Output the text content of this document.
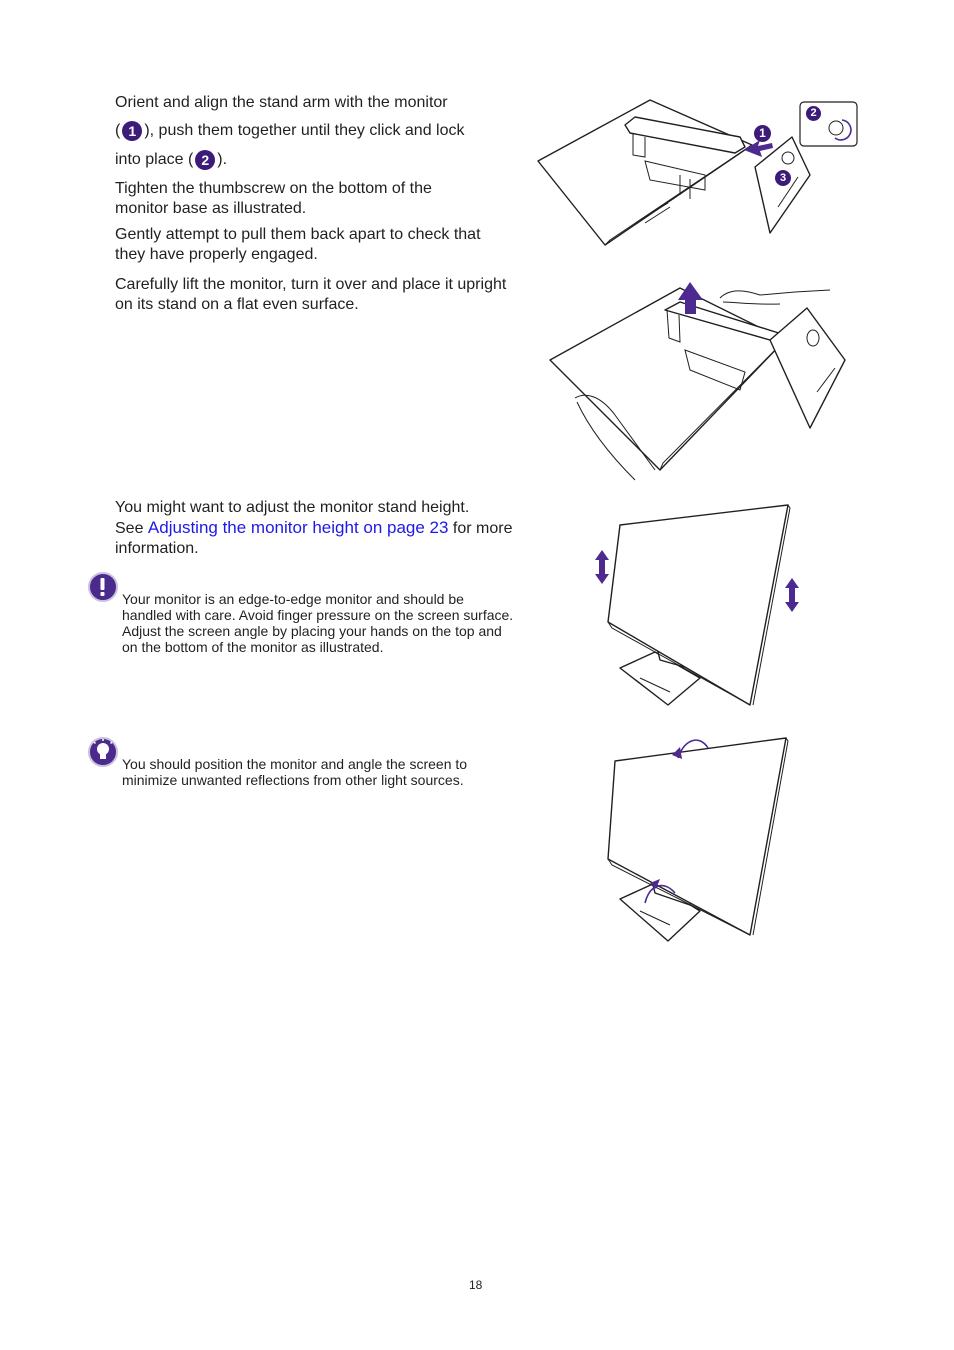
Orient and align the stand arm with the monitor

( 1 ), push them together until they click and lock

into place ( 2 ).

Tighten the thumbscrew on the bottom of the monitor base as illustrated.

Gently attempt to pull them back apart to check that they have properly engaged.

Carefully lift the monitor, turn it over and place it upright on its stand on a flat even surface.

You might want to adjust the monitor stand height.
See Adjusting the monitor height on page 23 for more information.

Your monitor is an edge-to-edge monitor and should be handled with care. Avoid finger pressure on the screen surface. Adjust the screen angle by placing your hands on the top and on the bottom of the monitor as illustrated.

You should position the monitor and angle the screen to minimize unwanted reflections from other light sources.

1
2
3
18
